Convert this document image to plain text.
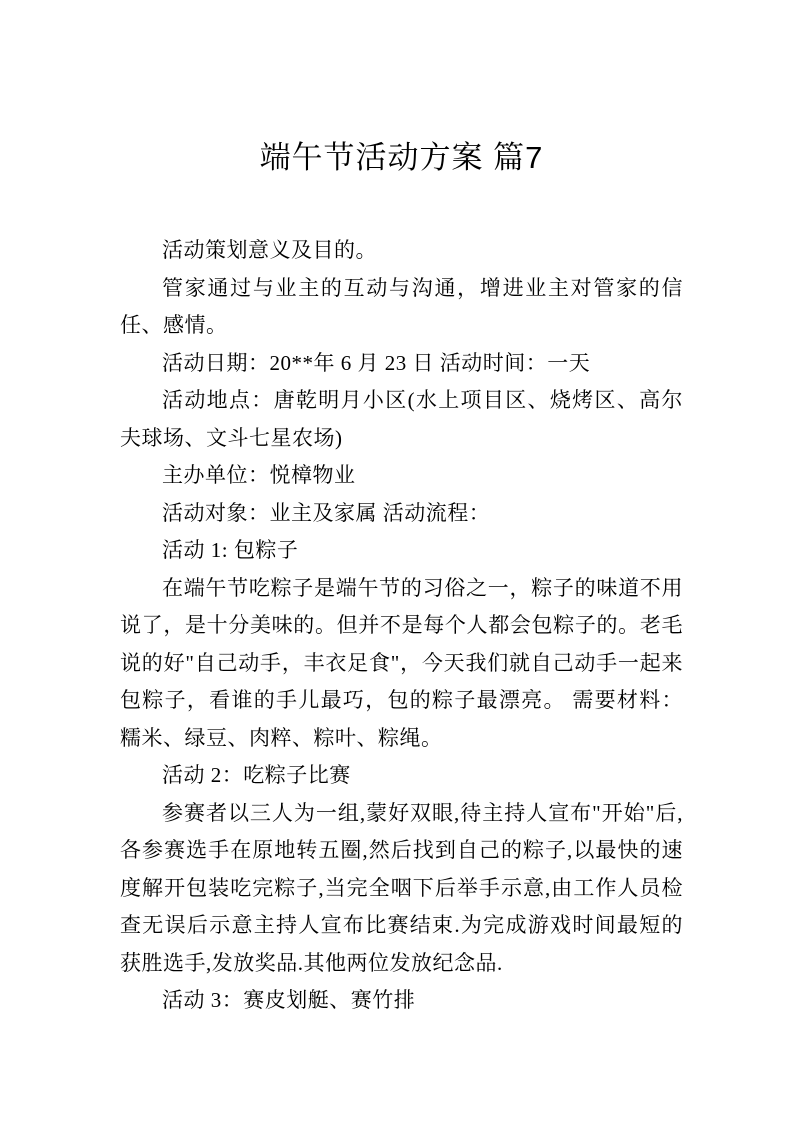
端午节活动方案 篇7

活动策划意义及目的。

管家通过与业主的互动与沟通，增进业主对管家的信任、感情。

活动日期：20**年 6 月 23 日 活动时间：一天

活动地点：唐乾明月小区(水上项目区、烧烤区、高尔夫球场、文斗七星农场)

主办单位：悦樟物业

活动对象：业主及家属 活动流程：

活动 1: 包粽子

在端午节吃粽子是端午节的习俗之一，粽子的味道不用说了，是十分美味的。但并不是每个人都会包粽子的。老毛说的好"自己动手，丰衣足食"，今天我们就自己动手一起来包粽子，看谁的手儿最巧，包的粽子最漂亮。 需要材料：糯米、绿豆、肉粹、粽叶、粽绳。

活动 2：吃粽子比赛

参赛者以三人为一组,蒙好双眼,待主持人宣布"开始"后,各参赛选手在原地转五圈,然后找到自己的粽子,以最快的速度解开包装吃完粽子,当完全咽下后举手示意,由工作人员检查无误后示意主持人宣布比赛结束.为完成游戏时间最短的获胜选手,发放奖品.其他两位发放纪念品.

活动 3：赛皮划艇、赛竹排
